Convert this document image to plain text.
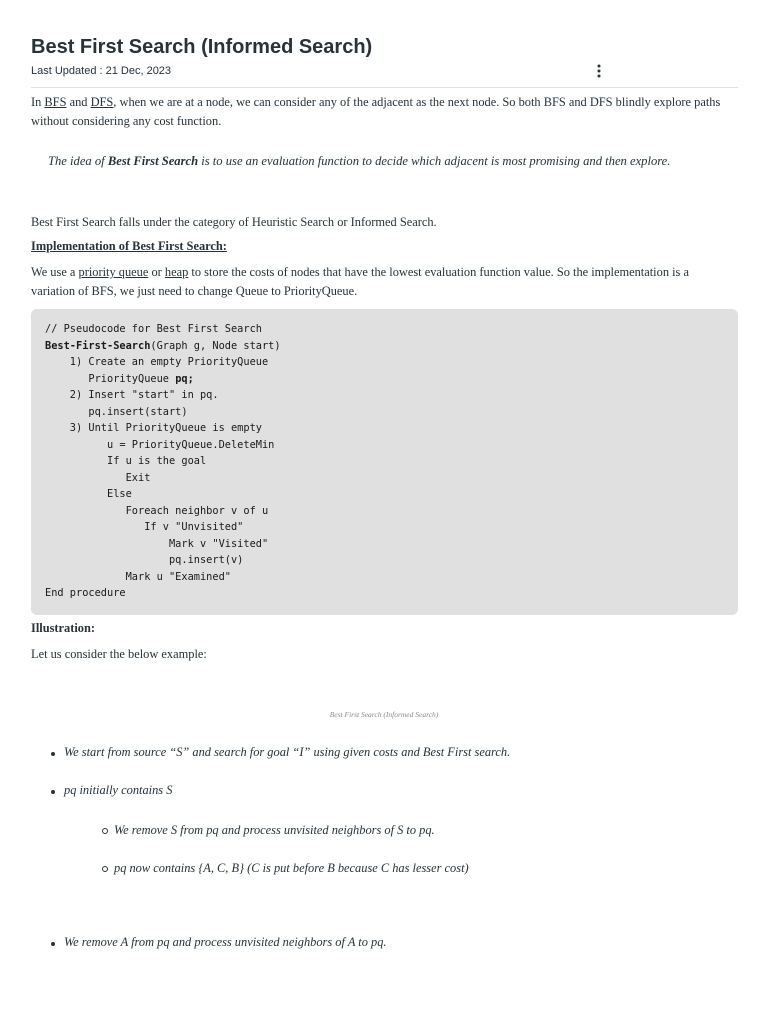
Best First Search (Informed Search)
Last Updated : 21 Dec, 2023

In BFS and DFS, when we are at a node, we can consider any of the adjacent as the next node. So both BFS and DFS blindly explore paths without considering any cost function.

The idea of Best First Search is to use an evaluation function to decide which adjacent is most promising and then explore.

Best First Search falls under the category of Heuristic Search or Informed Search.

Implementation of Best First Search:

We use a priority queue or heap to store the costs of nodes that have the lowest evaluation function value. So the implementation is a variation of BFS, we just need to change Queue to PriorityQueue.

// Pseudocode for Best First Search
Best-First-Search(Graph g, Node start)
1) Create an empty PriorityQueue
PriorityQueue pq;
2) Insert "start" in pq.
pq.insert(start)
3) Until PriorityQueue is empty
u = PriorityQueue.DeleteMin
If u is the goal
Exit
Else
Foreach neighbor v of u
If v "Unvisited"
Mark v "Visited"
pq.insert(v)
Mark u "Examined"
End procedure
Illustration:

Let us consider the below example:

Best First Search (Informed Search)
We start from source “S” and search for goal “I” using given costs and Best First search.
pq initially contains S
We remove S from pq and process unvisited neighbors of S to pq.
pq now contains {A, C, B} (C is put before B because C has lesser cost)
We remove A from pq and process unvisited neighbors of A to pq.
